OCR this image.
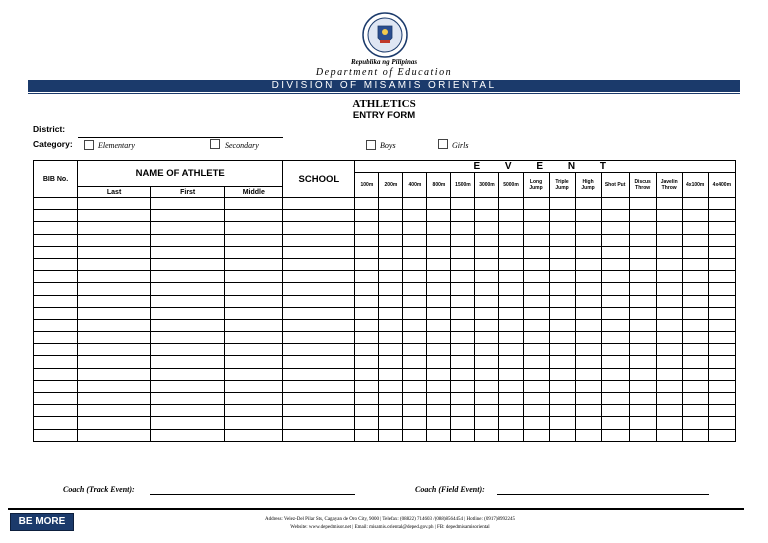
Republika ng Pilipinas
Department of Education
DIVISION OF MISAMIS ORIENTAL
ATHLETICS
ENTRY FORM
District:
Category:	Elementary	Secondary	Boys	Girls
BIB No.	NAME OF ATHLETE			SCHOOL	E V E N T														
					100m	200m	400m	800m	1500m	3000m	5000m	Long Jump	Triple Jump	High Jump	Shot Put	Discus Throw	Javelin Throw	4x100m	4x400m
	Last	First	Middle																

Coach (Track Event):	Coach (Field Event):
BE MORE	Address: Velez-Del Pilar Sts, Cagayan de Oro City, 9000 | Telefax: (08822) 714603 /(088)8564454 | Hotline: (0917)8992245
Website: www.depedmisor.net | Email: misamis.oriental@deped.gov.ph | FB: depedmisamisoriental
